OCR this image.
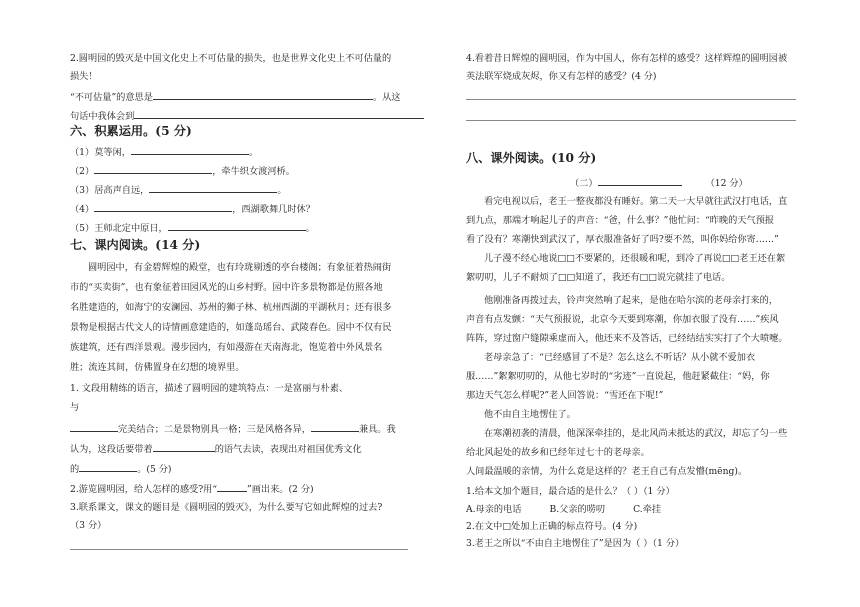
2.圆明园的毁灭是中国文化史上不可估量的损失，也是世界文化史上不可估量的
损失！
“不可估量”的意思是	。从这
句话中我体会到
六、积累运用。(5 分)
（1）莫等闲，	。
（2）	，牵牛织女渡河桥。
（3）居高声自远，	。
（4）	，西湖歌舞几时休？
（5）王师北定中原日，	。
七、课内阅读。(14 分)
圆明园中，有金碧辉煌的殿堂，也有玲珑剔透的亭台楼阁；有象征着热闹街
市的“买卖街”，也有象征着田园风光的山乡村野。园中许多景物都是仿照各地
名胜建造的，如海宁的安澜园、苏州的狮子林、杭州西湖的平湖秋月；还有很多
景物是根据古代文人的诗情画意建造的，如蓬岛瑶台、武陵春色。园中不仅有民
族建筑，还有西洋景观。漫步园内，有如漫游在天南海北，饱览着中外风景名
胜；流连其间，仿佛置身在幻想的境界里。
1. 文段用精练的语言，描述了圆明园的建筑特点：一是富丽与朴素、
与
完美结合；二是景物别具一格；三是风格各异，	兼具。我
认为，这段话要带着	的语气去读，表现出对祖国优秀文化
的	。(5 分)
2.游览圆明园，给人怎样的感受?用“	”画出来。(2 分)
3.联系课文，课文的题目是《圆明园的毁灭》，为什么要写它如此辉煌的过去?
（3 分）
4.看着昔日辉煌的圆明园，作为中国人，你有怎样的感受？这样辉煌的圆明园被
英法联军烧成灰烬，你又有怎样的感受？(4 分)
八、课外阅读。(10 分)
（二）	（12 分）
看完电视以后，老王一整夜都没有睡好。第二天一大早就往武汉打电话，直
到九点，那端才响起儿子的声音：“爸，什么事？”他忙问：“昨晚的天气预报
看了没有？寒潮快到武汉了，厚衣服准备好了吗?要不然，叫你妈给你寄……”
儿子漫不经心地说□□不要紧的，还很暖和呢，到冷了再说□□老王还在絮
絮叨叨，儿子不耐烦了□□知道了，我还有□□说完就挂了电话。
他刚准备再拨过去，铃声突然响了起来，是他在哈尔滨的老母亲打来的，
声音有点发颤：“天气预报说，北京今天要到寒潮，你加衣服了没有……”疾风
阵阵，穿过窗户缝隙乘虚而入，他还来不及答话，已经结结实实打了个大喷嚏。
老母亲急了：“已经感冒了不是？怎么这么不听话？从小就不爱加衣
服……”絮絮叨叨的，从他七岁时的“劣迹”一直说起，他赶紧截住：“妈，你
那边天气怎么样呢?”老人回答说：“雪还在下呢!”
他不由自主地愣住了。
在寒潮初袭的清晨，他深深牵挂的，是北风尚未抵达的武汉，却忘了匀一些
给北风起处的故乡和已经年过七十的老母亲。
人间最温暖的亲情，为什么竟是这样的？老王自己有点发懵(mēng)。
1.给本文加个题目，最合适的是什么？（ ）（1 分）
A.母亲的电话	B.父亲的唠叨	C.牵挂
2.在文中□处加上正确的标点符号。(4 分)
3.老王之所以“不由自主地愣住了”是因为（ ）（1 分）
